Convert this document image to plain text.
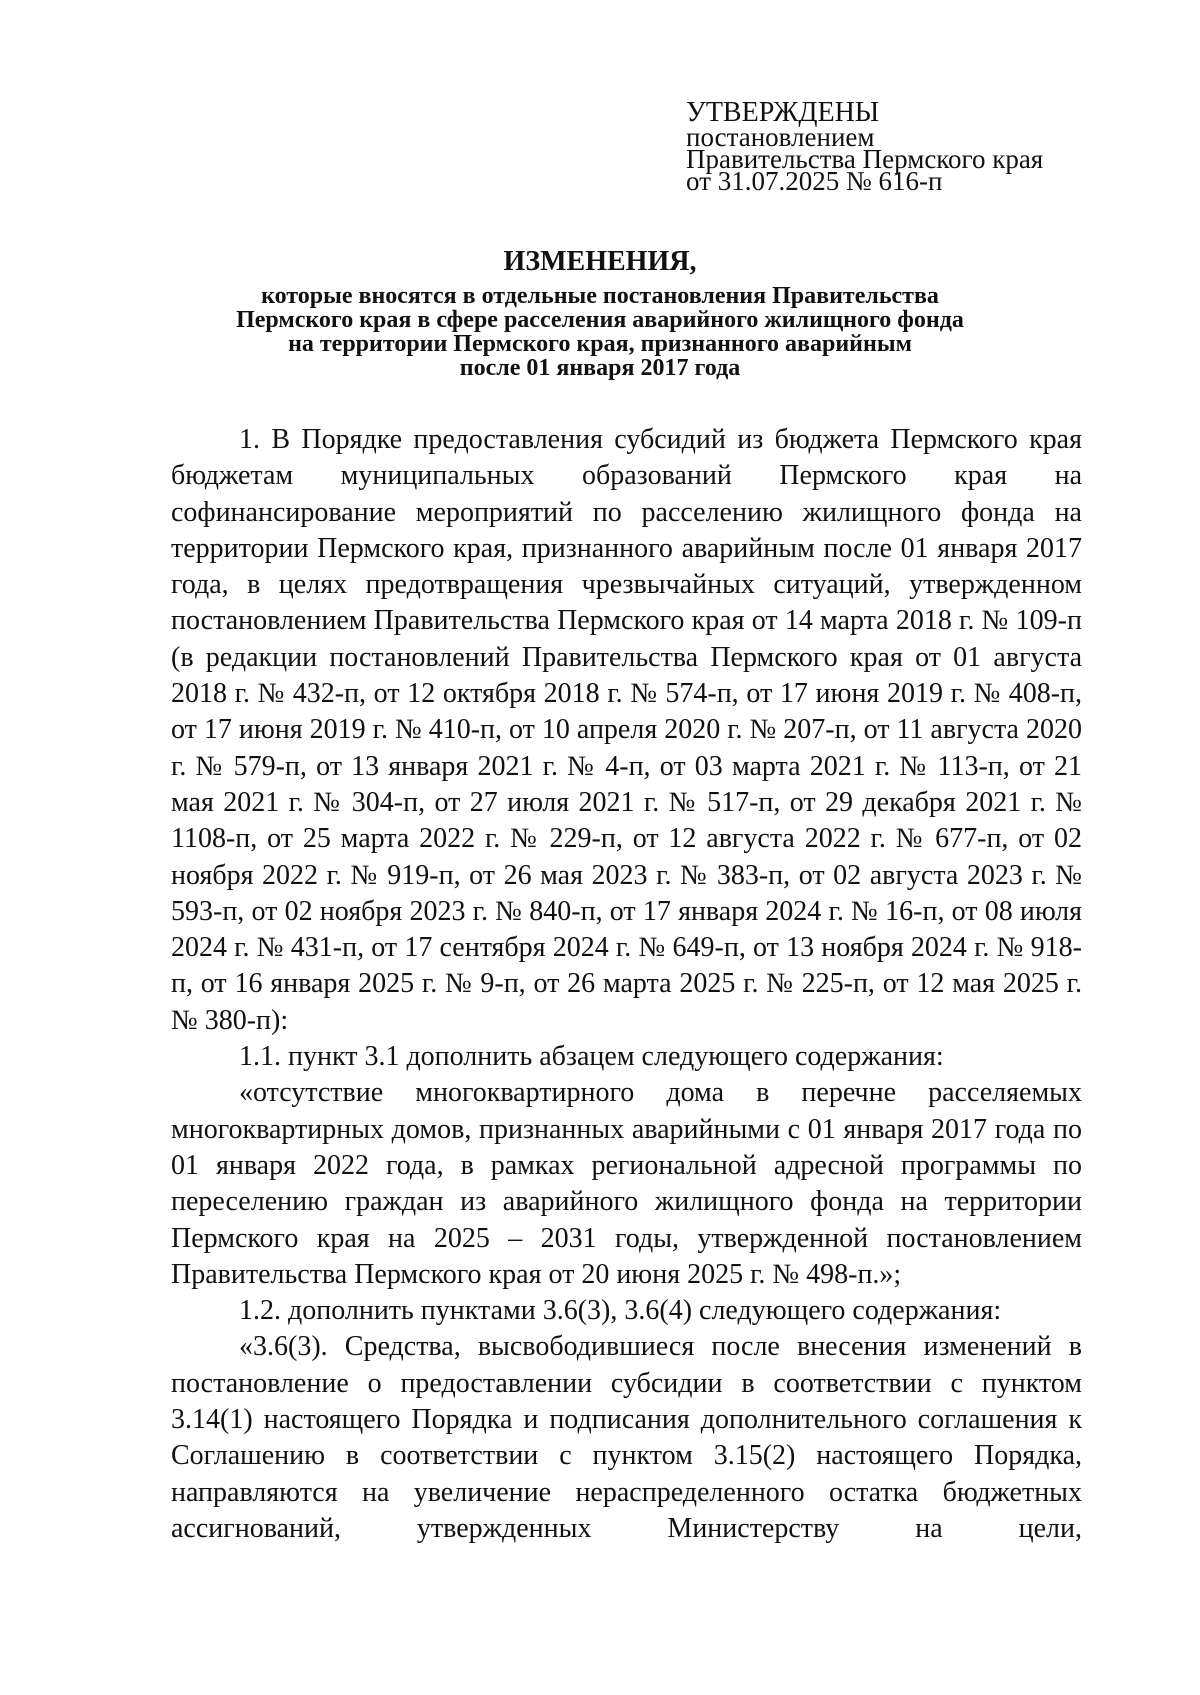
УТВЕРЖДЕНЫ
постановлением
Правительства Пермского края
от 31.07.2025 № 616-п
ИЗМЕНЕНИЯ,
которые вносятся в отдельные постановления Правительства
Пермского края в сфере расселения аварийного жилищного фонда
на территории Пермского края, признанного аварийным
после 01 января 2017 года

1. В Порядке предоставления субсидий из бюджета Пермского края бюджетам муниципальных образований Пермского края на софинансирование мероприятий по расселению жилищного фонда на территории Пермского края, признанного аварийным после 01 января 2017 года, в целях предотвращения чрезвычайных ситуаций, утвержденном постановлением Правительства Пермского края от 14 марта 2018 г. № 109-п (в редакции постановлений Правительства Пермского края от 01 августа 2018 г. № 432-п, от 12 октября 2018 г. № 574-п, от 17 июня 2019 г. № 408-п, от 17 июня 2019 г. № 410-п, от 10 апреля 2020 г. № 207-п, от 11 августа 2020 г. № 579-п, от 13 января 2021 г. № 4-п, от 03 марта 2021 г. № 113-п, от 21 мая 2021 г. № 304-п, от 27 июля 2021 г. № 517-п, от 29 декабря 2021 г. № 1108-п, от 25 марта 2022 г. № 229-п, от 12 августа 2022 г. № 677-п, от 02 ноября 2022 г. № 919-п, от 26 мая 2023 г. № 383-п, от 02 августа 2023 г. № 593-п, от 02 ноября 2023 г. № 840-п, от 17 января 2024 г. № 16-п, от 08 июля 2024 г. № 431-п, от 17 сентября 2024 г. № 649-п, от 13 ноября 2024 г. № 918-п, от 16 января 2025 г. № 9-п, от 26 марта 2025 г. № 225-п, от 12 мая 2025 г. № 380-п):

1.1. пункт 3.1 дополнить абзацем следующего содержания:

«отсутствие многоквартирного дома в перечне расселяемых многоквартирных домов, признанных аварийными с 01 января 2017 года по 01 января 2022 года, в рамках региональной адресной программы по переселению граждан из аварийного жилищного фонда на территории Пермского края на 2025 – 2031 годы, утвержденной постановлением Правительства Пермского края от 20 июня 2025 г. № 498-п.»;

1.2. дополнить пунктами 3.6(3), 3.6(4) следующего содержания:

«3.6(3). Средства, высвободившиеся после внесения изменений в постановление о предоставлении субсидии в соответствии с пунктом 3.14(1) настоящего Порядка и подписания дополнительного соглашения к Соглашению в соответствии с пунктом 3.15(2) настоящего Порядка, направляются на увеличение нераспределенного остатка бюджетных ассигнований, утвержденных Министерству на цели,
